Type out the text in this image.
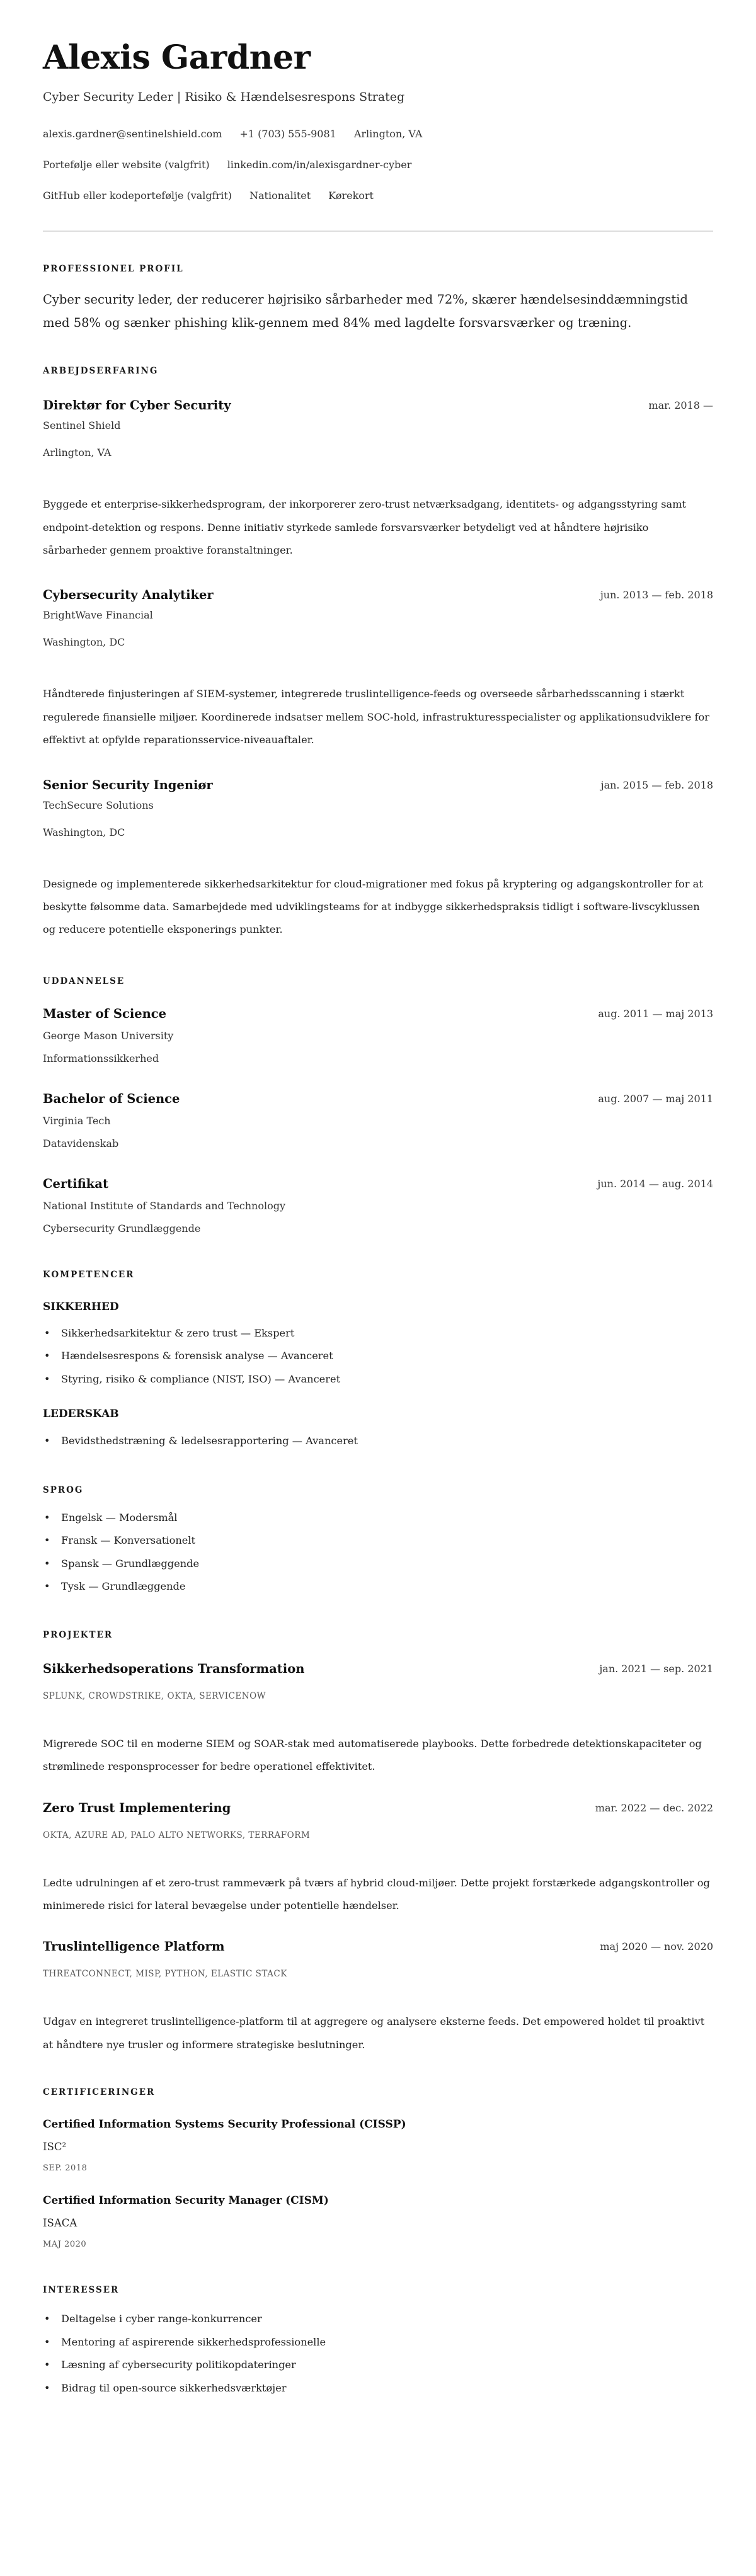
Alexis Gardner
Cyber Security Leder | Risiko & Hændelsesrespons Strateg
alexis.gardner@sentinelshield.com +1 (703) 555-9081 Arlington, VA
Portefølje eller website (valgfrit) linkedin.com/in/alexisgardner-cyber
GitHub eller kodeportefølje (valgfrit) Nationalitet Kørekort
PROFESSIONEL PROFIL
Cyber security leder, der reducerer højrisiko sårbarheder med 72%, skærer hændelsesinddæmningstid med 58% og sænker phishing klik-gennem med 84% med lagdelte forsvarsværker og træning.
ARBEJDSERFARING
Direktør for Cyber Security	mar. 2018 —
Sentinel Shield
Arlington, VA
Byggede et enterprise-sikkerhedsprogram, der inkorporerer zero-trust netværksadgang, identitets- og adgangsstyring samt endpoint-detektion og respons. Denne initiativ styrkede samlede forsvarsværker betydeligt ved at håndtere højrisiko sårbarheder gennem proaktive foranstaltninger.
Cybersecurity Analytiker	jun. 2013 — feb. 2018
BrightWave Financial
Washington, DC
Håndterede finjusteringen af SIEM-systemer, integrerede truslintelligence-feeds og overseede sårbarhedsscanning i stærkt regulerede finansielle miljøer. Koordinerede indsatser mellem SOC-hold, infrastrukturesspecialister og applikationsudviklere for effektivt at opfylde reparationsservice-niveauaftaler.
Senior Security Ingeniør	jan. 2015 — feb. 2018
TechSecure Solutions
Washington, DC
Designede og implementerede sikkerhedsarkitektur for cloud-migrationer med fokus på kryptering og adgangskontroller for at beskytte følsomme data. Samarbejdede med udviklingsteams for at indbygge sikkerhedspraksis tidligt i software-livscyklussen og reducere potentielle eksponerings punkter.
UDDANNELSE
Master of Science	aug. 2011 — maj 2013
George Mason University
Informationssikkerhed
Bachelor of Science	aug. 2007 — maj 2011
Virginia Tech
Datavidenskab
Certifikat	jun. 2014 — aug. 2014
National Institute of Standards and Technology
Cybersecurity Grundlæggende
KOMPETENCER
SIKKERHED
• Sikkerhedsarkitektur & zero trust — Ekspert
• Hændelsesrespons & forensisk analyse — Avanceret
• Styring, risiko & compliance (NIST, ISO) — Avanceret
LEDERSKAB
• Bevidsthedstræning & ledelsesrapportering — Avanceret
SPROG
• Engelsk — Modersmål
• Fransk — Konversationelt
• Spansk — Grundlæggende
• Tysk — Grundlæggende
PROJEKTER
Sikkerhedsoperations Transformation	jan. 2021 — sep. 2021
SPLUNK, CROWDSTRIKE, OKTA, SERVICENOW
Migrerede SOC til en moderne SIEM og SOAR-stak med automatiserede playbooks. Dette forbedrede detektionskapaciteter og strømlinede responsprocesser for bedre operationel effektivitet.
Zero Trust Implementering	mar. 2022 — dec. 2022
OKTA, AZURE AD, PALO ALTO NETWORKS, TERRAFORM
Ledte udrulningen af et zero-trust rammeværk på tværs af hybrid cloud-miljøer. Dette projekt forstærkede adgangskontroller og minimerede risici for lateral bevægelse under potentielle hændelser.
Truslintelligence Platform	maj 2020 — nov. 2020
THREATCONNECT, MISP, PYTHON, ELASTIC STACK
Udgav en integreret truslintelligence-platform til at aggregere og analysere eksterne feeds. Det empowered holdet til proaktivt at håndtere nye trusler og informere strategiske beslutninger.
CERTIFICERINGER
Certified Information Systems Security Professional (CISSP)
ISC²
SEP. 2018
Certified Information Security Manager (CISM)
ISACA
MAJ 2020
INTERESSER
• Deltagelse i cyber range-konkurrencer
• Mentoring af aspirerende sikkerhedsprofessionelle
• Læsning af cybersecurity politikopdateringer
• Bidrag til open-source sikkerhedsværktøjer
